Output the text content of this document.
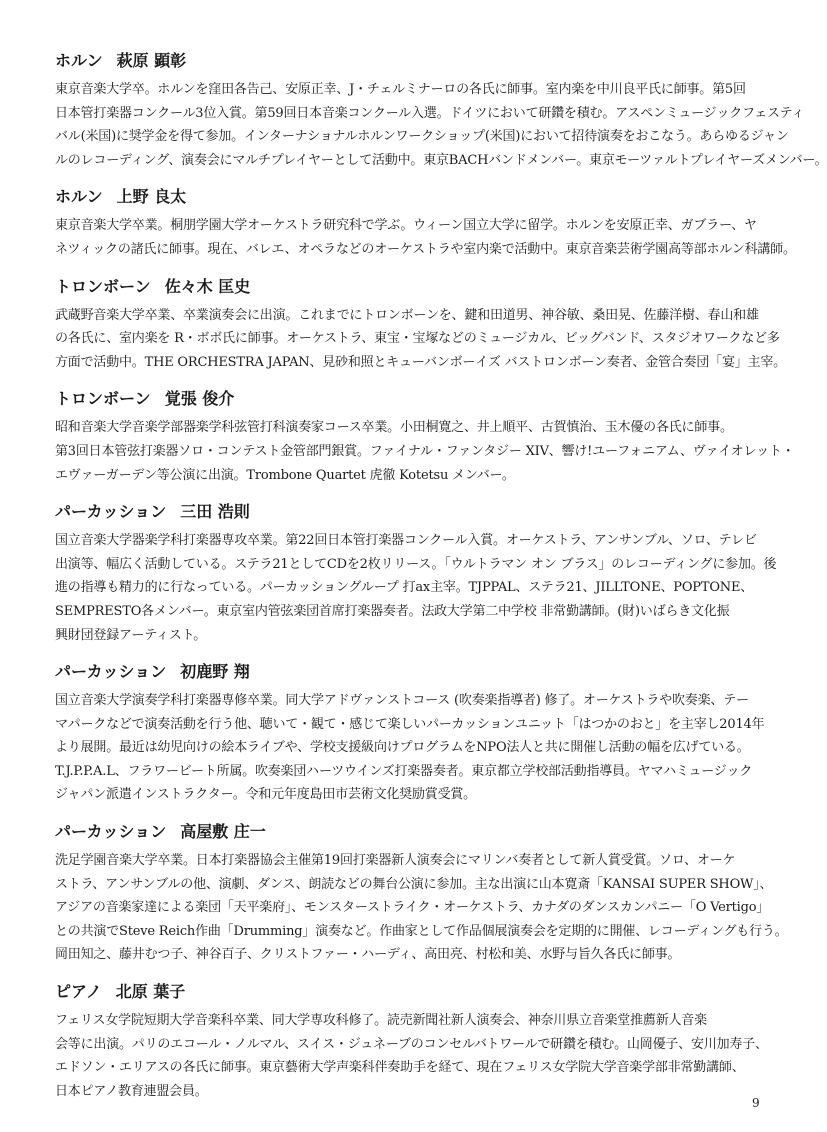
ホルン 萩原 顕彰

東京音楽大学卒。ホルンを窪田各告己、安原正幸、J・チェルミナーロの各氏に師事。室内楽を中川良平氏に師事。第5回
日本管打楽器コンクール3位入賞。第59回日本音楽コンクール入選。ドイツにおいて研鑽を積む。アスペンミュージックフェスティ
バル(米国)に奨学金を得て参加。インターナショナルホルンワークショップ(米国)において招待演奏をおこなう。あらゆるジャン
ルのレコーディング、演奏会にマルチプレイヤーとして活動中。東京BACHバンドメンバー。東京モーツァルトプレイヤーズメンバー。

ホルン 上野 良太

東京音楽大学卒業。桐朋学園大学オーケストラ研究科で学ぶ。ウィーン国立大学に留学。ホルンを安原正幸、ガブラー、ヤ
ネツィックの諸氏に師事。現在、バレエ、オペラなどのオーケストラや室内楽で活動中。東京音楽芸術学園高等部ホルン科講師。

トロンボーン 佐々木 匡史

武蔵野音楽大学卒業、卒業演奏会に出演。これまでにトロンボーンを、鍵和田道男、神谷敏、桑田晃、佐藤洋樹、春山和雄
の各氏に、室内楽を R・ボボ氏に師事。オーケストラ、東宝・宝塚などのミュージカル、ビッグバンド、スタジオワークなど多
方面で活動中。THE ORCHESTRA JAPAN、見砂和照とキューバンボーイズ バストロンボーン奏者、金管合奏団「宴」主宰。

トロンボーン 覚張 俊介

昭和音楽大学音楽学部器楽学科弦管打科演奏家コース卒業。小田桐寛之、井上順平、古賀慎治、玉木優の各氏に師事。
第3回日本管弦打楽器ソロ・コンテスト金管部門銀賞。ファイナル・ファンタジー XIV、響け!ユーフォニアム、ヴァイオレット・
エヴァーガーデン等公演に出演。Trombone Quartet 虎徹 Kotetsu メンバー。

パーカッション 三田 浩則

国立音楽大学器楽学科打楽器専攻卒業。第22回日本管打楽器コンクール入賞。オーケストラ、アンサンブル、ソロ、テレビ
出演等、幅広く活動している。ステラ21としてCDを2枚リリース。「ウルトラマン オン ブラス」のレコーディングに参加。後
進の指導も精力的に行なっている。パーカッショングループ 打ax主宰。TJPPAL、ステラ21、JILLTONE、POPTONE、
SEMPRESTO各メンバー。東京室内管弦楽団首席打楽器奏者。法政大学第二中学校 非常勤講師。(財)いばらき文化振
興財団登録アーティスト。

パーカッション 初鹿野 翔

国立音楽大学演奏学科打楽器専修卒業。同大学アドヴァンストコース (吹奏楽指導者) 修了。オーケストラや吹奏楽、テー
マパークなどで演奏活動を行う他、聴いて・観て・感じて楽しいパーカッションユニット「はつかのおと」を主宰し2014年
より展開。最近は幼児向けの絵本ライブや、学校支援級向けプログラムをNPO法人と共に開催し活動の幅を広げている。
T.J.P.P.A.L、フラワービート所属。吹奏楽団ハーツウインズ打楽器奏者。東京都立学校部活動指導員。ヤマハミュージック
ジャパン派遣インストラクター。令和元年度島田市芸術文化奨励賞受賞。

パーカッション 高屋敷 庄一

洗足学園音楽大学卒業。日本打楽器協会主催第19回打楽器新人演奏会にマリンバ奏者として新人賞受賞。ソロ、オーケ
ストラ、アンサンブルの他、演劇、ダンス、朗読などの舞台公演に参加。主な出演に山本寛斎「KANSAI SUPER SHOW」、
アジアの音楽家達による楽団「天平楽府」、モンスターストライク・オーケストラ、カナダのダンスカンパニー「O Vertigo」
との共演でSteve Reich作曲「Drumming」演奏など。作曲家として作品個展演奏会を定期的に開催、レコーディングも行う。
岡田知之、藤井むつ子、神谷百子、クリストファー・ハーディ、高田亮、村松和美、水野与旨久各氏に師事。

ピアノ 北原 葉子

フェリス女学院短期大学音楽科卒業、同大学専攻科修了。読売新聞社新人演奏会、神奈川県立音楽堂推薦新人音楽
会等に出演。パリのエコール・ノルマル、スイス・ジュネーブのコンセルバトワールで研鑽を積む。山岡優子、安川加寿子、
エドソン・エリアスの各氏に師事。東京藝術大学声楽科伴奏助手を経て、現在フェリス女学院大学音楽学部非常勤講師、
日本ピアノ教育連盟会員。

9
